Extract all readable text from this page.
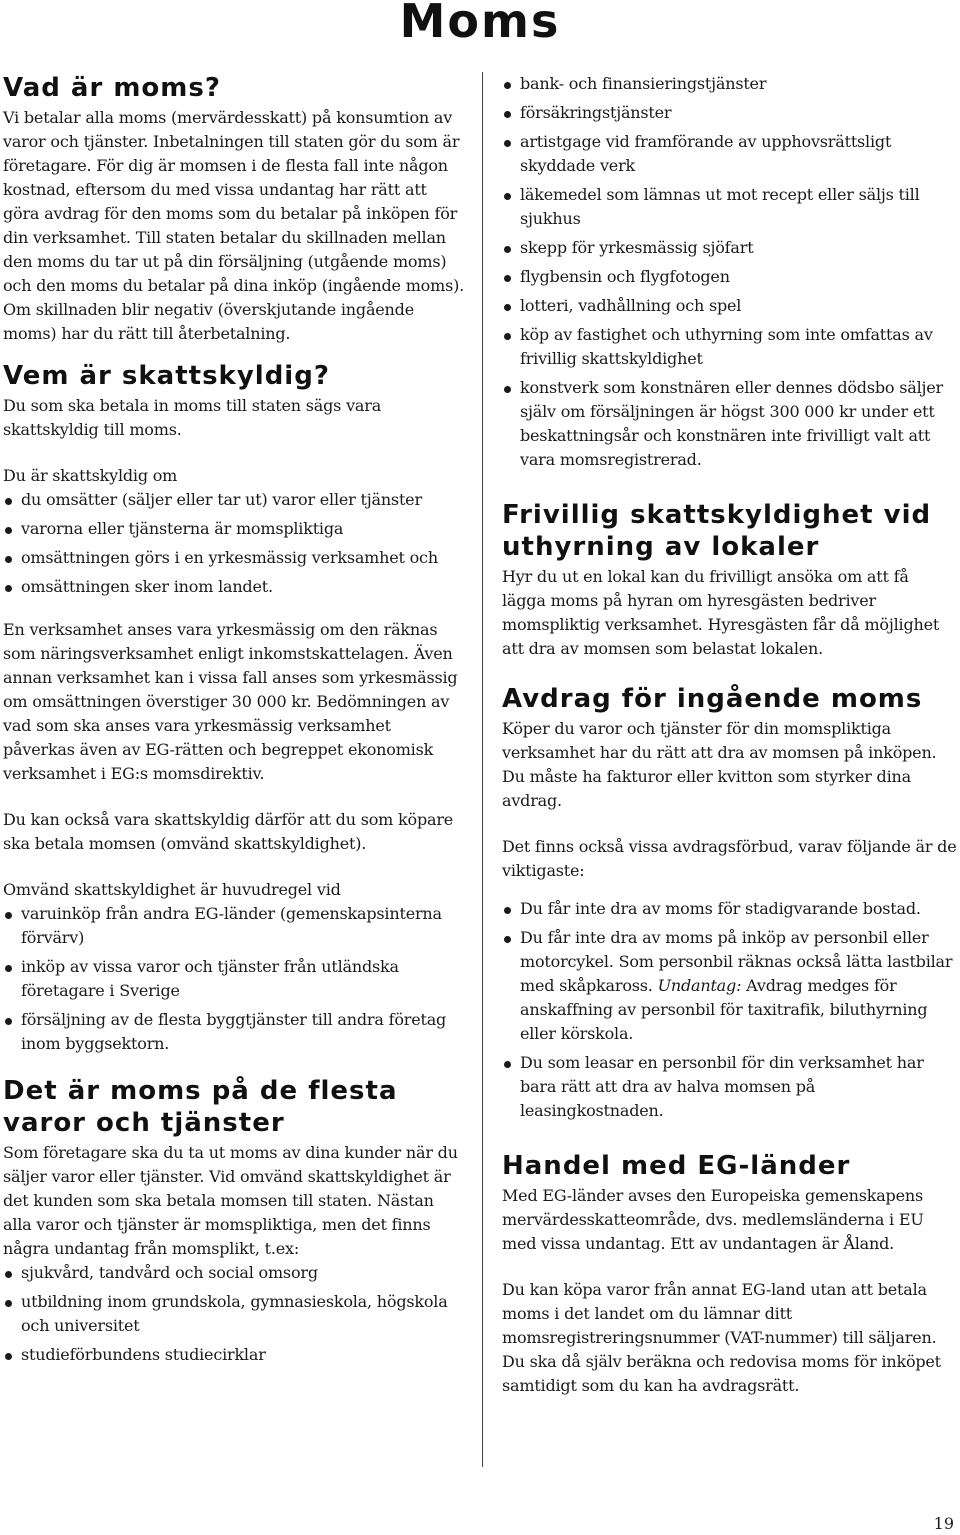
Moms
Vad är moms?

Vi betalar alla moms (mervärdesskatt) på konsumtion av varor och tjänster. Inbetalningen till staten gör du som är företagare. För dig är momsen i de flesta fall inte någon kostnad, eftersom du med vissa undantag har rätt att göra avdrag för den moms som du betalar på inköpen för din verksamhet. Till staten betalar du skillnaden mellan den moms du tar ut på din försäljning (utgående moms) och den moms du betalar på dina inköp (ingående moms). Om skillnaden blir negativ (överskjutande ingående moms) har du rätt till återbetalning.

Vem är skattskyldig?

Du som ska betala in moms till staten sägs vara skattskyldig till moms.

Du är skattskyldig om

du omsätter (säljer eller tar ut) varor eller tjänster
varorna eller tjänsterna är momspliktiga
omsättningen görs i en yrkesmässig verksamhet och
omsättningen sker inom landet.

En verksamhet anses vara yrkesmässig om den räknas som näringsverksamhet enligt inkomstskattelagen. Även annan verksamhet kan i vissa fall anses som yrkesmässig om omsättningen överstiger 30 000 kr. Bedömningen av vad som ska anses vara yrkesmässig verksamhet påverkas även av EG-rätten och begreppet ekonomisk verksamhet i EG:s momsdirektiv.

Du kan också vara skattskyldig därför att du som köpare ska betala momsen (omvänd skattskyldighet).

Omvänd skattskyldighet är huvudregel vid

varuinköp från andra EG-länder (gemenskapsinterna förvärv)
inköp av vissa varor och tjänster från utländska företagare i Sverige
försäljning av de flesta byggtjänster till andra företag inom byggsektorn.
Det är moms på de flesta varor och tjänster

Som företagare ska du ta ut moms av dina kunder när du säljer varor eller tjänster. Vid omvänd skattskyldighet är det kunden som ska betala momsen till staten. Nästan alla varor och tjänster är momspliktiga, men det finns några undantag från momsplikt, t.ex:

sjukvård, tandvård och social omsorg
utbildning inom grundskola, gymnasieskola, högskola och universitet
studieförbundens studiecirklar
bank- och finansieringstjänster
försäkringstjänster
artistgage vid framförande av upphovsrättsligt skyddade verk
läkemedel som lämnas ut mot recept eller säljs till sjukhus
skepp för yrkesmässig sjöfart
flygbensin och flygfotogen
lotteri, vadhållning och spel
köp av fastighet och uthyrning som inte omfattas av frivillig skattskyldighet
konstverk som konstnären eller dennes dödsbo säljer själv om försäljningen är högst 300 000 kr under ett beskattningsår och konstnären inte frivilligt valt att vara momsregistrerad.
Frivillig skattskyldighet vid uthyrning av lokaler

Hyr du ut en lokal kan du frivilligt ansöka om att få lägga moms på hyran om hyresgästen bedriver momspliktig verksamhet. Hyresgästen får då möjlighet att dra av momsen som belastat lokalen.

Avdrag för ingående moms

Köper du varor och tjänster för din momspliktiga verksamhet har du rätt att dra av momsen på inköpen. Du måste ha fakturor eller kvitton som styrker dina avdrag.

Det finns också vissa avdragsförbud, varav följande är de viktigaste:

Du får inte dra av moms för stadigvarande bostad.
Du får inte dra av moms på inköp av personbil eller motorcykel. Som personbil räknas också lätta lastbilar med skåpkaross. Undantag: Avdrag medges för anskaffning av personbil för taxitrafik, biluthyrning eller körskola.
Du som leasar en personbil för din verksamhet har bara rätt att dra av halva momsen på leasingkostnaden.
Handel med EG-länder

Med EG-länder avses den Europeiska gemenskapens mervärdesskatteområde, dvs. medlemsländerna i EU med vissa undantag. Ett av undantagen är Åland.

Du kan köpa varor från annat EG-land utan att betala moms i det landet om du lämnar ditt momsregistreringsnummer (VAT-nummer) till säljaren. Du ska då själv beräkna och redovisa moms för inköpet samtidigt som du kan ha avdragsrätt.

19
